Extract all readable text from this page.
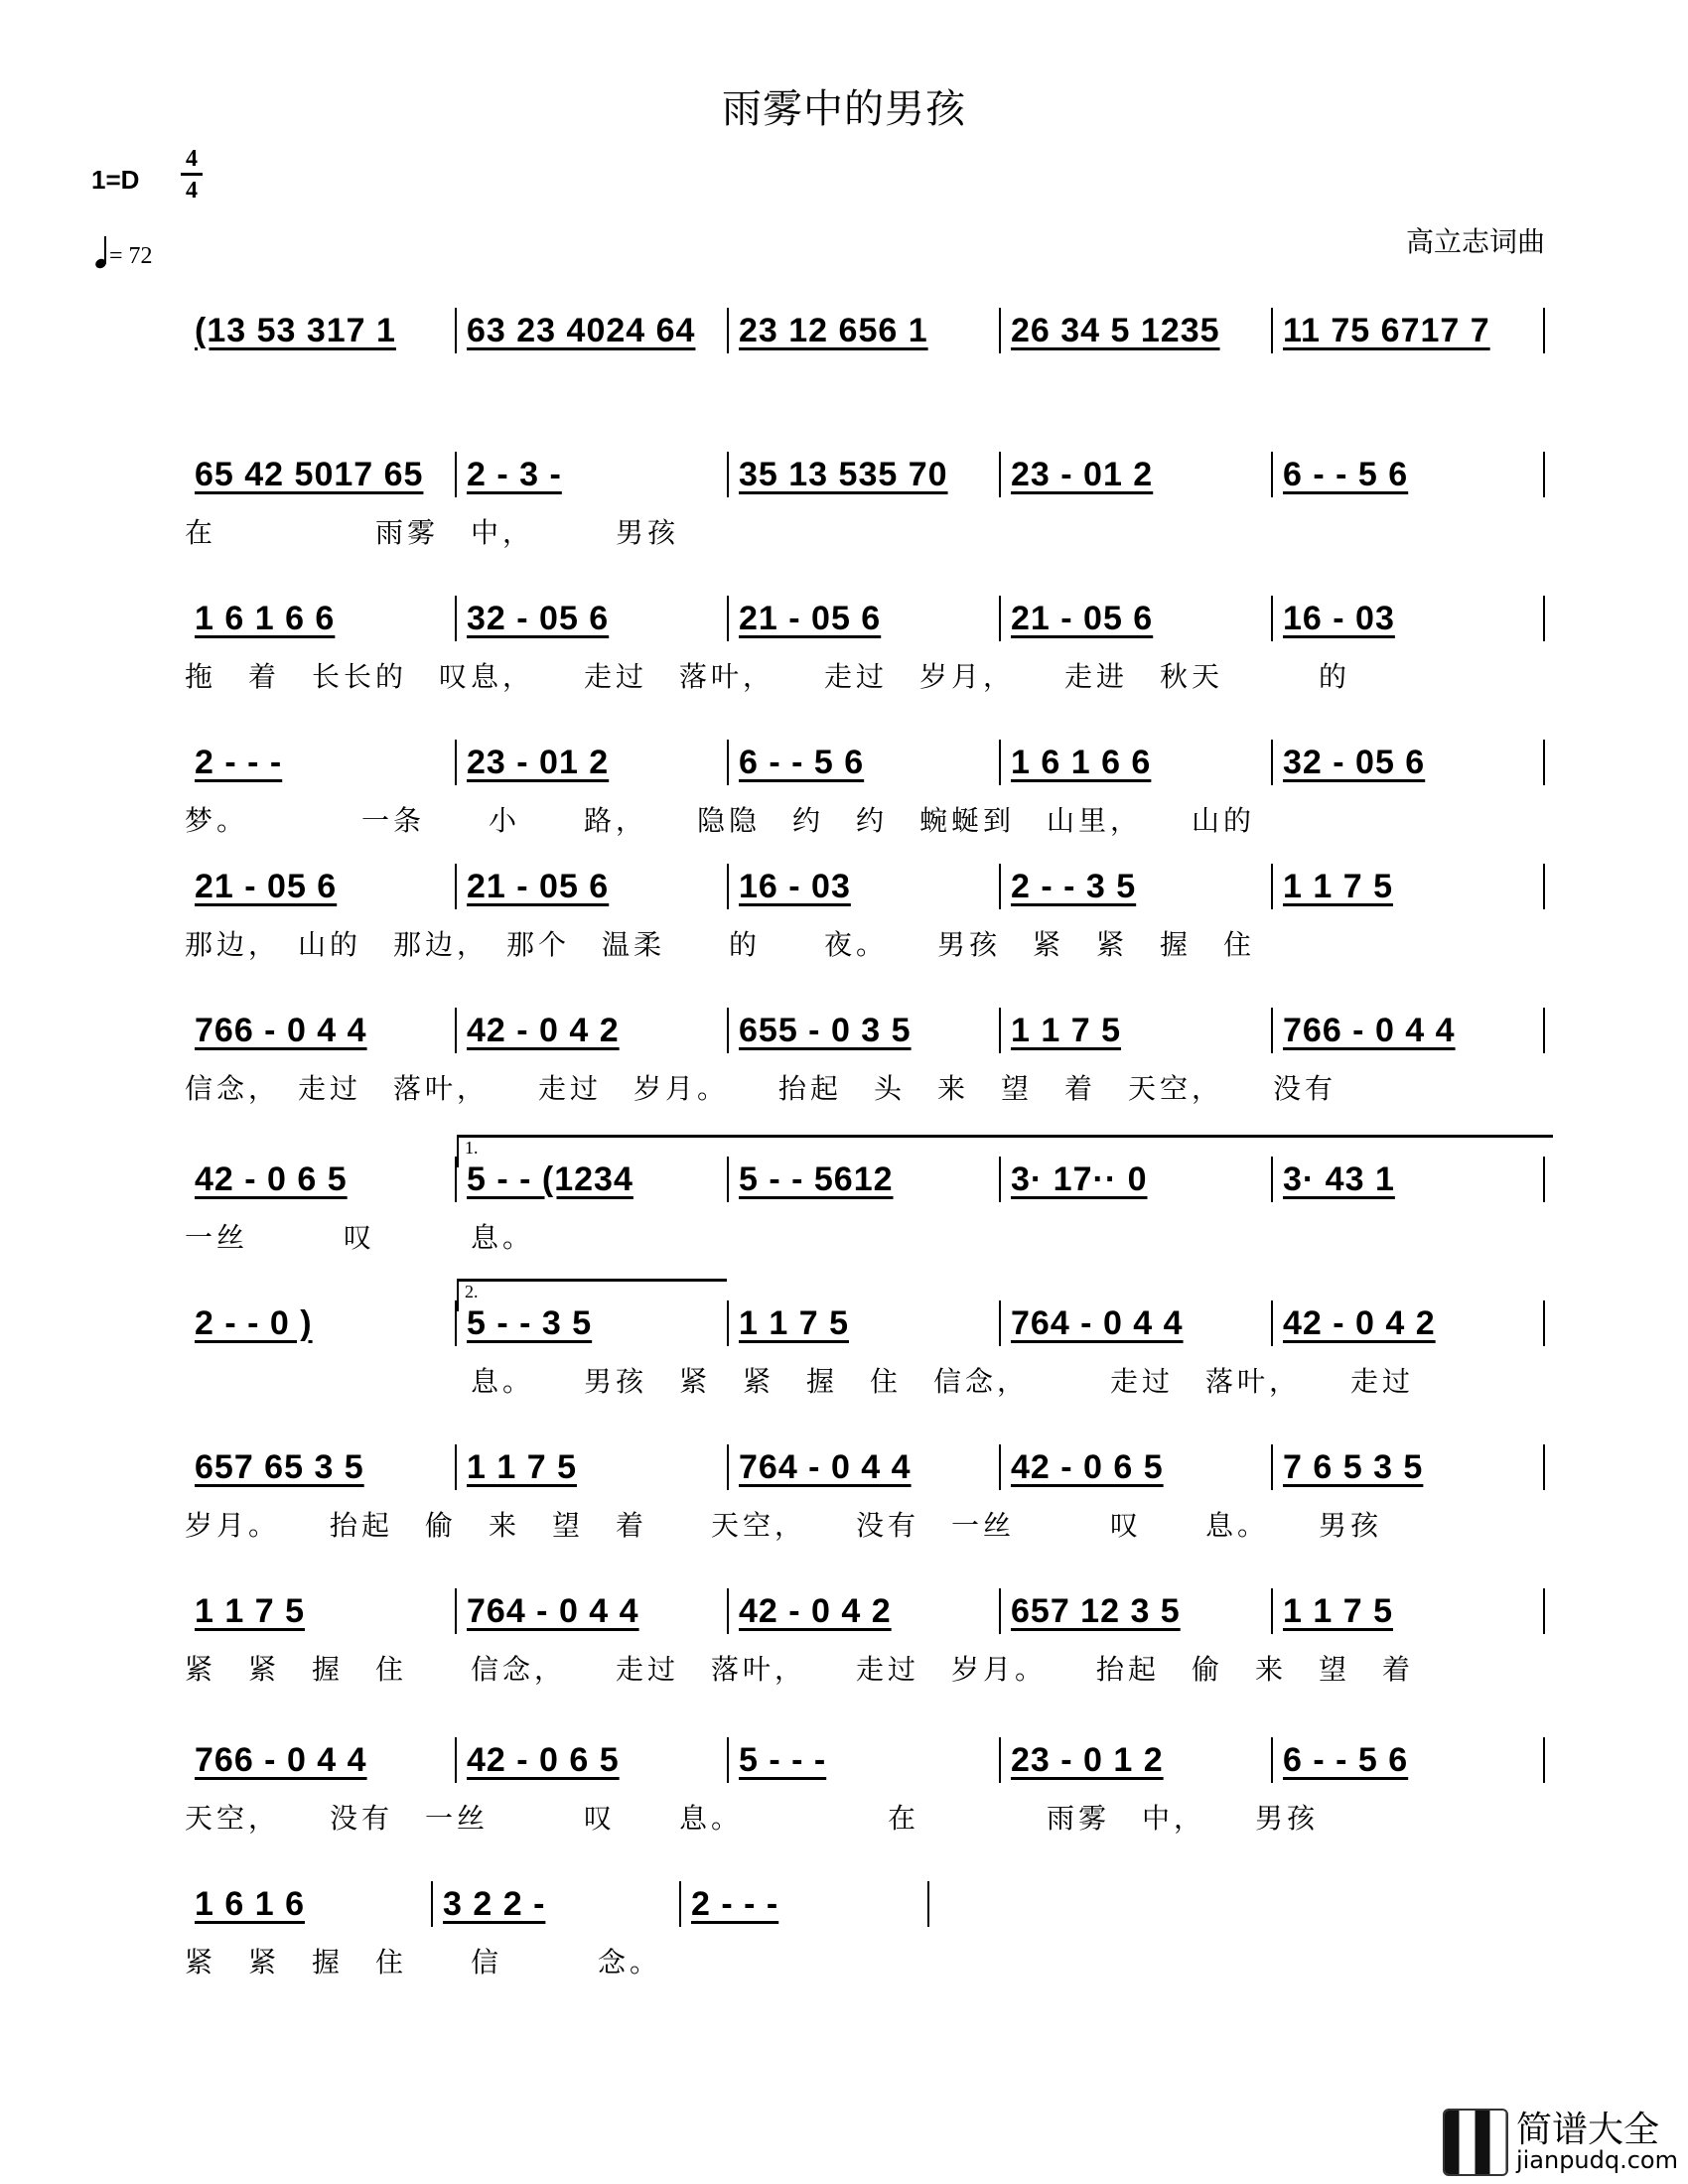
雨雾中的男孩
1=D
4
4
= 72	高立志词曲
(13 53 317 1 63 23 4024 64 23 12 656 1 26 34 5 1235 11 75 6717 7
65 42 5017 65 2 - 3 -	35 13 535 70 23 - 01 2	6 - - 5 6
在　　　　　雨雾　中，　　　男孩
1 6 1 6 6	32 - 05 6	21 - 05 6	21 - 05 6	16 - 03
拖　着　长长的　叹息，　　走过　落叶，　　走过　岁月，　　走进　秋天　　　的
2 - - -	23 - 01 2	6 - - 5 6	1 6 1 6 6	32 - 05 6
梦。　　　　一条　　小　　路，　　隐隐　约　约　蜿蜒到　山里，　　山的
21 - 05 6	21 - 05 6	16 - 03	2 - - 3 5	1 1 7 5
那边，　山的　那边，　那个　温柔　　的　　夜。　　男孩　紧　紧　握　住
766 - 0 4 4	42 - 0 4 2	655 - 0 3 5	1 1 7 5	766 - 0 4 4
信念，　走过　落叶，　　走过　岁月。　　抬起　头　来　望　着　天空，　　没有
42 - 0 6 5	5 - - (1234	5 - - 5612	3· 17·· 0	3· 43 1
1.
一丝　　　叹　　　息。
2 - - 0 )	5 - - 3 5	1 1 7 5	764 - 0 4 4	42 - 0 4 2
2.
　　　　　　　　　息。　　男孩　紧　紧　握　住　信念，　　　走过　落叶，　　走过
657 65 3 5	1 1 7 5	764 - 0 4 4	42 - 0 6 5	7 6 5 3 5
岁月。　　抬起　偷　来　望　着　　天空，　　没有　一丝　　　叹　　息。　　男孩
1 1 7 5	764 - 0 4 4	42 - 0 4 2	657 12 3 5	1 1 7 5
紧　紧　握　住　　信念，　　走过　落叶，　　走过　岁月。　　抬起　偷　来　望　着
766 - 0 4 4	42 - 0 6 5	5 - - -	23 - 0 1 2	6 - - 5 6
天空，　　没有　一丝　　　叹　　息。　　　　　在　　　　雨雾　中，　　男孩
1 6 1 6	3 2 2 -	2 - - -
紧　紧　握　住　　信　　　念。
简谱大全
jianpudq.com
